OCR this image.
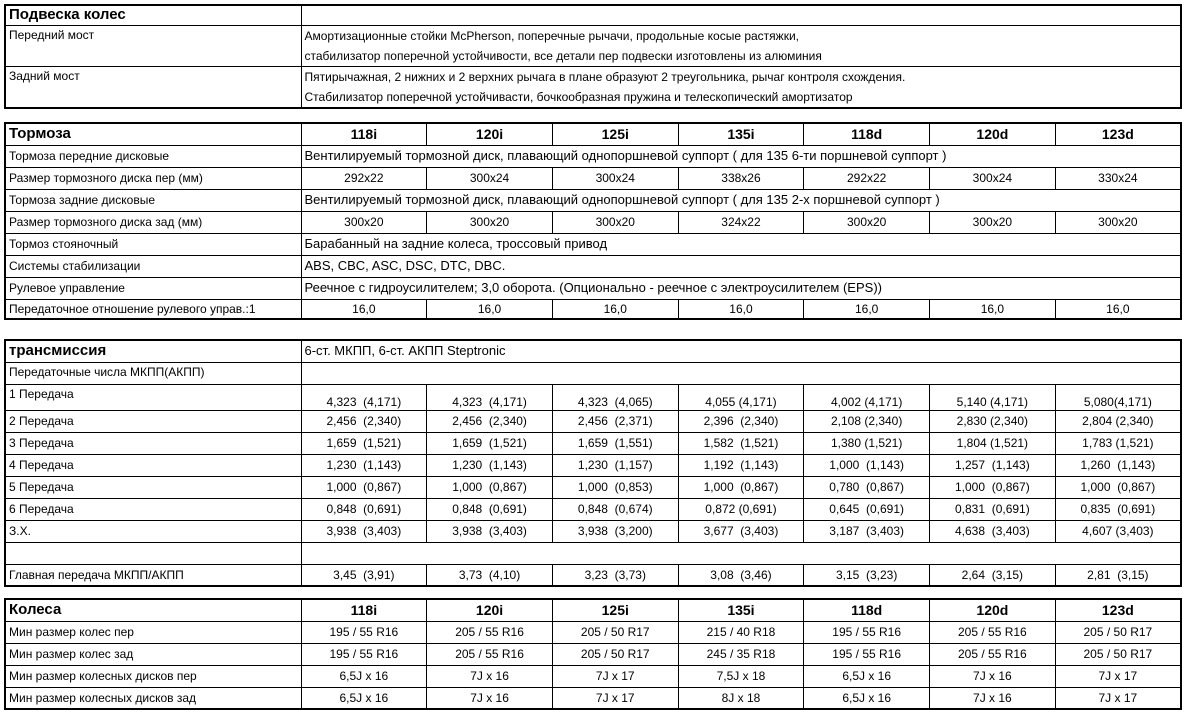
Подвеска колес	
Передний мост	Амортизационные стойки McPherson, поперечные рычачи, продольные косые растяжки,
стабилизатор поперечной устойчивости, все детали пер подвески изготовлены из алюминия

Задний мост	Пятирычажная, 2 нижних и 2 верхних рычага в плане образуют 2 треугольника, рычаг контроля схождения.
Стабилизатор поперечной устойчивасти, бочкообразная пружина и телескопический амортизатор
Тормоза	118i	120i	125i	135i	118d	120d	123d
Тормоза передние дисковые	Вентилируемый тормозной диск, плавающий однопоршневой суппорт ( для 135 6-ти поршневой суппорт )						
Размер тормозного диска пер (мм)	292x22	300x24	300x24	338x26	292x22	300x24	330x24
Тормоза задние дисковые	Вентилируемый тормозной диск, плавающий однопоршневой суппорт ( для 135 2-х поршневой суппорт )						
Размер тормозного диска зад (мм)	300x20	300x20	300x20	324x22	300x20	300x20	300x20
Тормоз стояночный	Барабанный на задние колеса, троссовый привод						
Системы стабилизации	ABS, CBC, ASC, DSC, DTC, DBC.						
Рулевое управление	Реечное с гидроусилителем; 3,0 оборота. (Опционально - реечное с электроусилителем (EPS))						
Передаточное отношение рулевого управ.:1	16,0	16,0	16,0	16,0	16,0	16,0	16,0
трансмиссия	6-ст. МКПП, 6-ст. АКПП Steptronic						
Передаточные числа МКПП(АКПП)							
1 Передача	4,323  (4,171)	4,323  (4,171)	4,323  (4,065)	4,055 (4,171)	4,002 (4,171)	5,140 (4,171)	5,080(4,171)
2 Передача	2,456  (2,340)	2,456  (2,340)	2,456  (2,371)	2,396  (2,340)	2,108 (2,340)	2,830 (2,340)	2,804 (2,340)
3 Передача	1,659  (1,521)	1,659  (1,521)	1,659  (1,551)	1,582  (1,521)	1,380 (1,521)	1,804 (1,521)	1,783 (1,521)
4 Передача	1,230  (1,143)	1,230  (1,143)	1,230  (1,157)	1,192  (1,143)	1,000  (1,143)	1,257  (1,143)	1,260  (1,143)
5 Передача	1,000  (0,867)	1,000  (0,867)	1,000  (0,853)	1,000  (0,867)	0,780  (0,867)	1,000  (0,867)	1,000  (0,867)
6 Передача	0,848  (0,691)	0,848  (0,691)	0,848  (0,674)	0,872 (0,691)	0,645  (0,691)	0,831  (0,691)	0,835  (0,691)
З.Х.	3,938  (3,403)	3,938  (3,403)	3,938  (3,200)	3,677  (3,403)	3,187  (3,403)	4,638  (3,403)	4,607 (3,403)

Главная передача МКПП/АКПП	3,45  (3,91)	3,73  (4,10)	3,23  (3,73)	3,08  (3,46)	3,15  (3,23)	2,64  (3,15)	2,81  (3,15)
Колеса	118i	120i	125i	135i	118d	120d	123d
Мин размер колес пер	195 / 55 R16	205 / 55 R16	205 / 50 R17	215 / 40 R18	195 / 55 R16	205 / 55 R16	205 / 50 R17
Мин размер колес зад	195 / 55 R16	205 / 55 R16	205 / 50 R17	245 / 35 R18	195 / 55 R16	205 / 55 R16	205 / 50 R17
Мин размер колесных дисков пер	6,5J x 16	7J x 16	7J x 17	7,5J x 18	6,5J x 16	7J x 16	7J x 17
Мин размер колесных дисков зад	6,5J x 16	7J x 16	7J x 17	8J x 18	6,5J x 16	7J x 16	7J x 17
